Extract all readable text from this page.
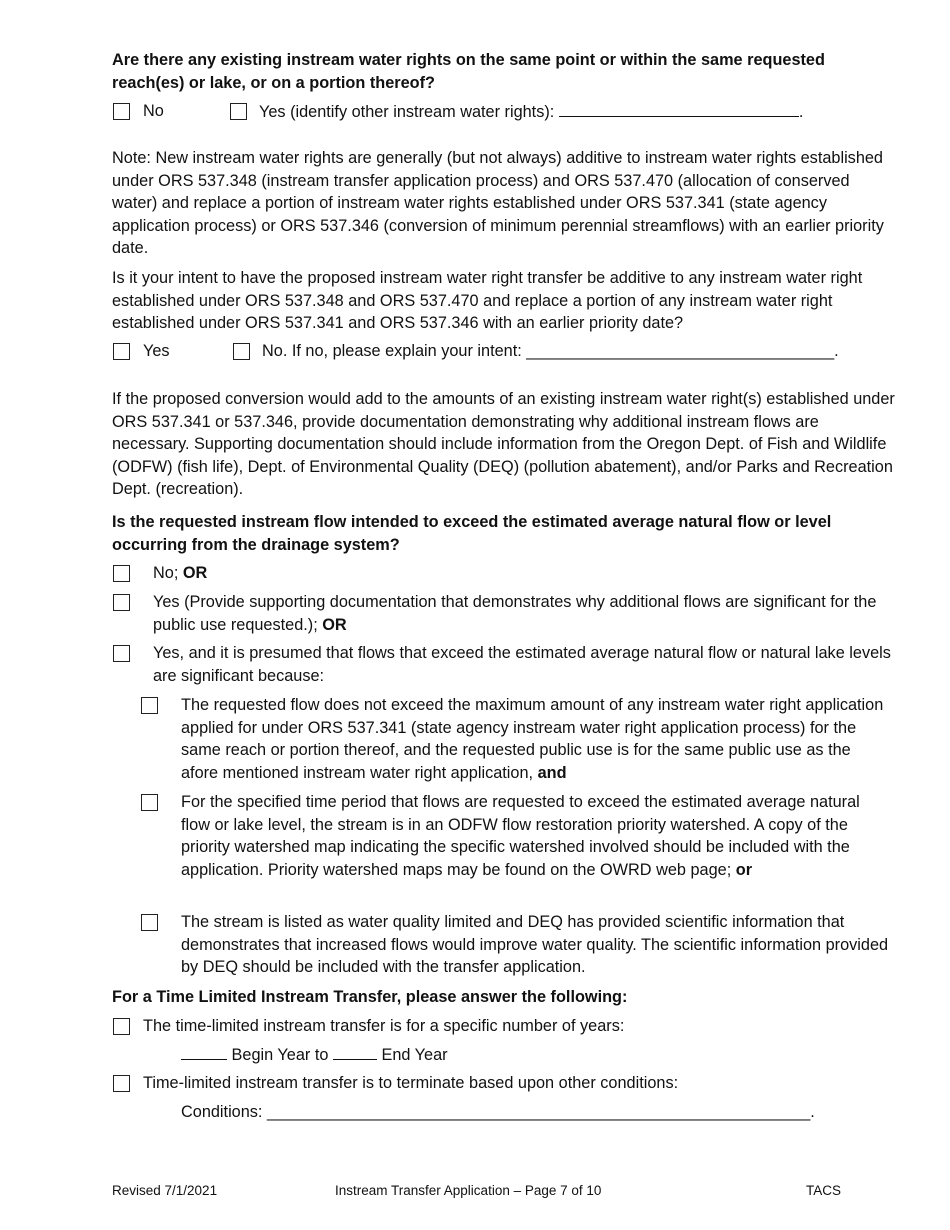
Are there any existing instream water rights on the same point or within the same requested reach(es) or lake, or on a portion thereof?
No	Yes (identify other instream water rights):	.
Note: New instream water rights are generally (but not always) additive to instream water rights established under ORS 537.348 (instream transfer application process) and ORS 537.470 (allocation of conserved water) and replace a portion of instream water rights established under ORS 537.341 (state agency application process) or ORS 537.346 (conversion of minimum perennial streamflows) with an earlier priority date.
Is it your intent to have the proposed instream water right transfer be additive to any instream water right established under ORS 537.348 and ORS 537.470 and replace a portion of any instream water right established under ORS 537.341 and ORS 537.346 with an earlier priority date?
Yes	No. If no, please explain your intent: __________________________________.
If the proposed conversion would add to the amounts of an existing instream water right(s) established under ORS 537.341 or 537.346, provide documentation demonstrating why additional instream flows are necessary. Supporting documentation should include information from the Oregon Dept. of Fish and Wildlife (ODFW) (fish life), Dept. of Environmental Quality (DEQ) (pollution abatement), and/or Parks and Recreation Dept. (recreation).
Is the requested instream flow intended to exceed the estimated average natural flow or level occurring from the drainage system?
No; OR
Yes (Provide supporting documentation that demonstrates why additional flows are significant for the public use requested.); OR
Yes, and it is presumed that flows that exceed the estimated average natural flow or natural lake levels are significant because:
The requested flow does not exceed the maximum amount of any instream water right application applied for under ORS 537.341 (state agency instream water right application process) for the same reach or portion thereof, and the requested public use is for the same public use as the afore mentioned instream water right application, and
For the specified time period that flows are requested to exceed the estimated average natural flow or lake level, the stream is in an ODFW flow restoration priority watershed. A copy of the priority watershed map indicating the specific watershed involved should be included with the application. Priority watershed maps may be found on the OWRD web page; or
The stream is listed as water quality limited and DEQ has provided scientific information that demonstrates that increased flows would improve water quality. The scientific information provided by DEQ should be included with the transfer application.
For a Time Limited Instream Transfer, please answer the following:
The time-limited instream transfer is for a specific number of years:
Begin Year to	End Year
Time-limited instream transfer is to terminate based upon other conditions:
Conditions: ____________________________________________________________.
Revised 7/1/2021	Instream Transfer Application – Page 7 of 10	TACS
